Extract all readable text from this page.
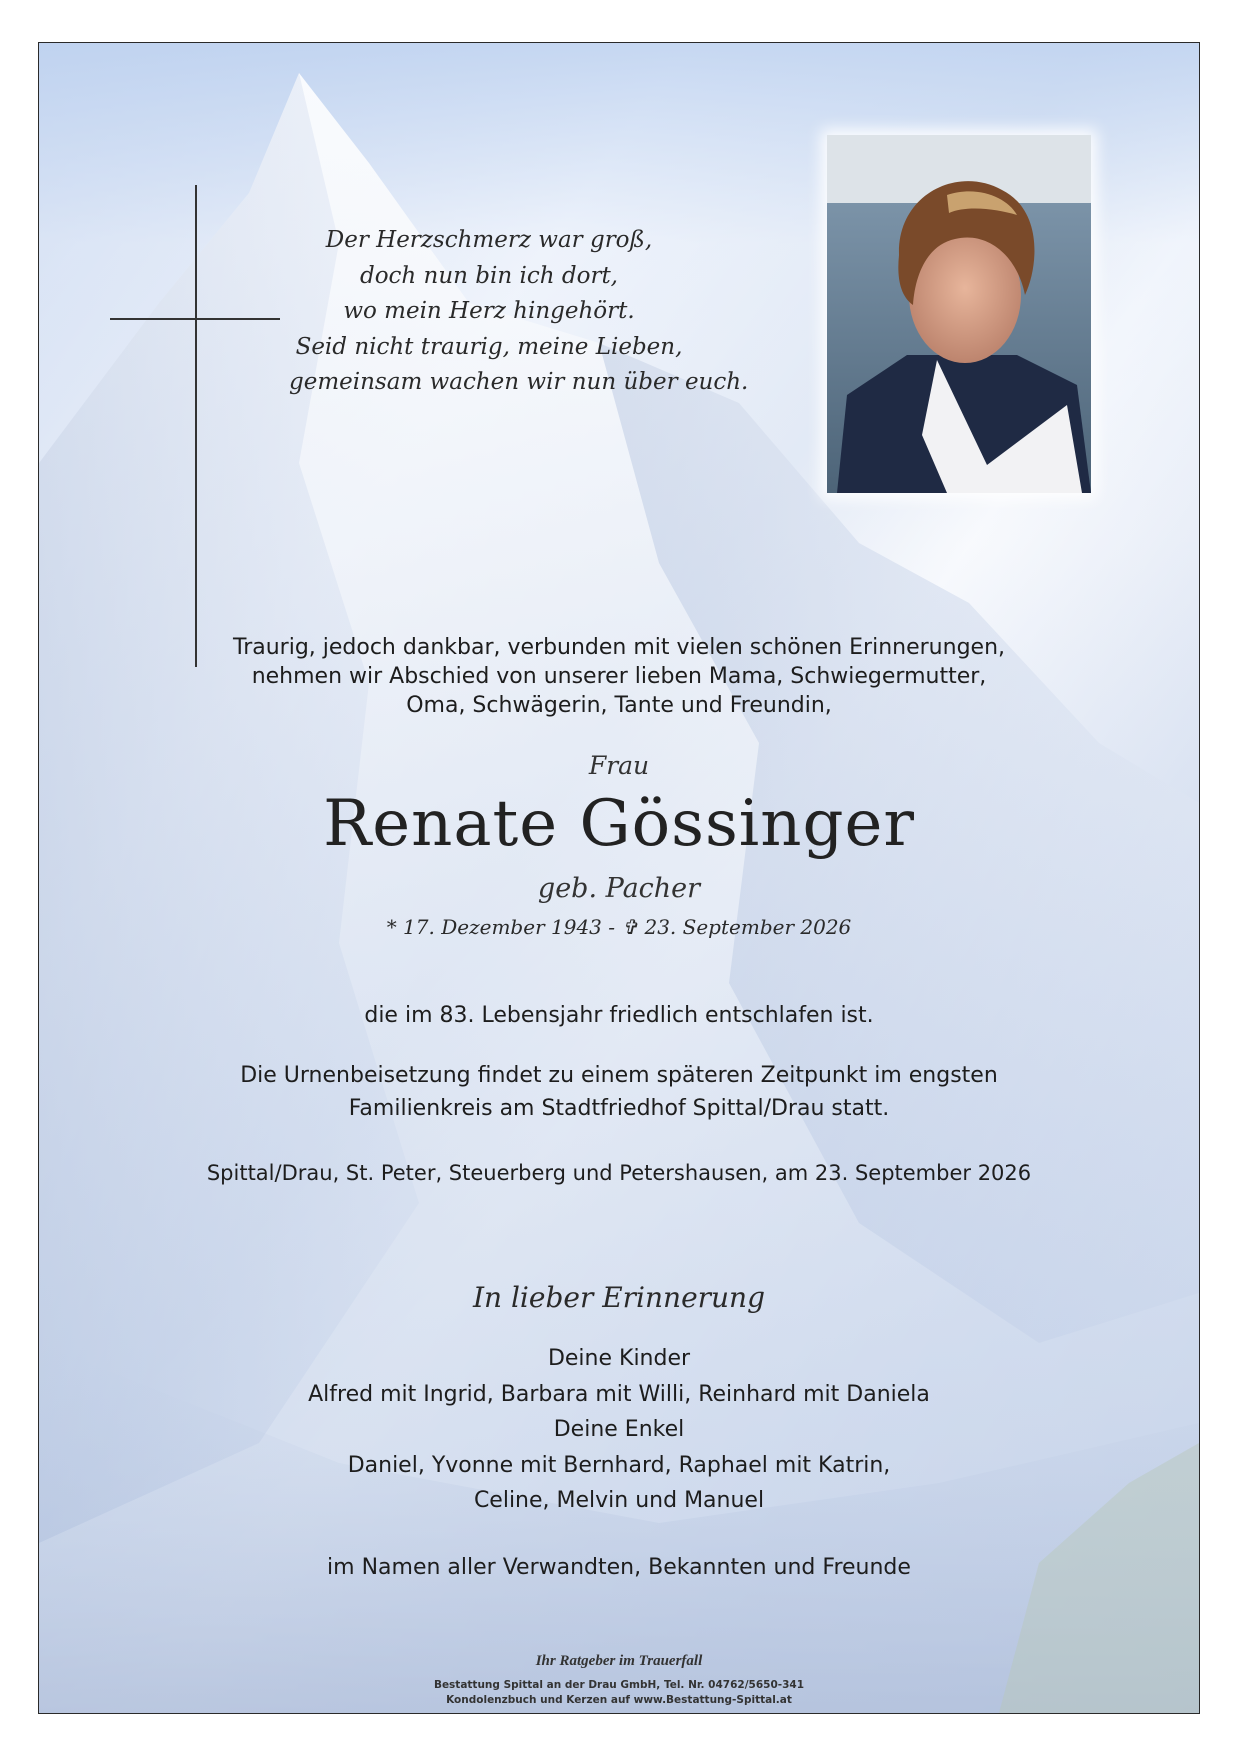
Der Herzschmerz war groß,
doch nun bin ich dort,
wo mein Herz hingehört.
Seid nicht traurig, meine Lieben,
gemeinsam wachen wir nun über euch.
Traurig, jedoch dankbar, verbunden mit vielen schönen Erinnerungen,
nehmen wir Abschied von unserer lieben Mama, Schwiegermutter,
Oma, Schwägerin, Tante und Freundin,
Frau
Renate Gössinger
geb. Pacher
* 17. Dezember 1943 - ✞ 23. September 2026
die im 83. Lebensjahr friedlich entschlafen ist.
Die Urnenbeisetzung findet zu einem späteren Zeitpunkt im engsten
Familienkreis am Stadtfriedhof Spittal/Drau statt.
Spittal/Drau, St. Peter, Steuerberg und Petershausen, am 23. September 2026
In lieber Erinnerung
Deine Kinder
Alfred mit Ingrid, Barbara mit Willi, Reinhard mit Daniela
Deine Enkel
Daniel, Yvonne mit Bernhard, Raphael mit Katrin,
Celine, Melvin und Manuel
im Namen aller Verwandten, Bekannten und Freunde
Ihr Ratgeber im Trauerfall
Bestattung Spittal an der Drau GmbH, Tel. Nr. 04762/5650-341
Kondolenzbuch und Kerzen auf www.Bestattung-Spittal.at
